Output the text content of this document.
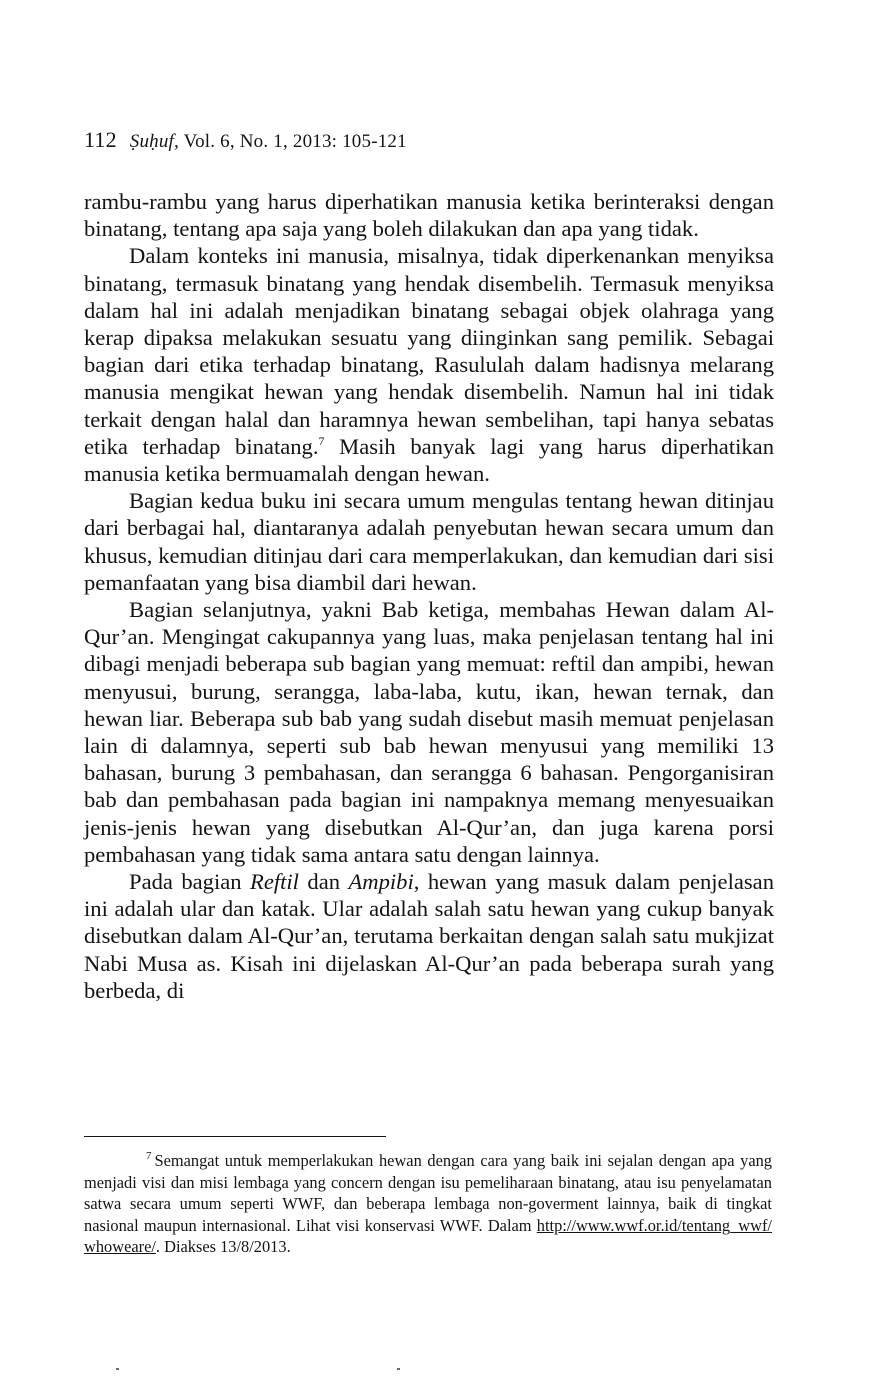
112 Ṣuḥuf, Vol. 6, No. 1, 2013: 105-121

rambu-rambu yang harus diperhatikan manusia ketika berinteraksi dengan binatang, tentang apa saja yang boleh dilakukan dan apa yang tidak.

Dalam konteks ini manusia, misalnya, tidak diperkenankan menyiksa binatang, termasuk binatang yang hendak disembelih. Termasuk menyiksa dalam hal ini adalah menjadikan binatang sebagai objek olahraga yang kerap dipaksa melakukan sesuatu yang diinginkan sang pemilik. Sebagai bagian dari etika terhadap binatang, Rasululah dalam hadisnya melarang manusia mengikat hewan yang hendak disembelih. Namun hal ini tidak terkait dengan halal dan haramnya hewan sembelihan, tapi hanya sebatas etika terhadap binatang.$^7$ Masih banyak lagi yang harus diperhatikan manusia ketika bermuamalah dengan hewan.

Bagian kedua buku ini secara umum mengulas tentang hewan ditinjau dari berbagai hal, diantaranya adalah penyebutan hewan secara umum dan khusus, kemudian ditinjau dari cara memperlakukan, dan kemudian dari sisi pemanfaatan yang bisa diambil dari hewan.

Bagian selanjutnya, yakni Bab ketiga, membahas Hewan dalam Al-Qur’an. Mengingat cakupannya yang luas, maka penjelasan tentang hal ini dibagi menjadi beberapa sub bagian yang memuat: reftil dan ampibi, hewan menyusui, burung, serangga, laba-laba, kutu, ikan, hewan ternak, dan hewan liar. Beberapa sub bab yang sudah disebut masih memuat penjelasan lain di dalamnya, seperti sub bab hewan menyusui yang memiliki 13 bahasan, burung 3 pembahasan, dan serangga 6 bahasan. Pengorganisiran bab dan pembahasan pada bagian ini nampaknya memang menyesuaikan jenis-jenis hewan yang disebutkan Al-Qur’an, dan juga karena porsi pembahasan yang tidak sama antara satu dengan lainnya.

Pada bagian Reftil dan Ampibi, hewan yang masuk dalam penjelasan ini adalah ular dan katak. Ular adalah salah satu hewan yang cukup banyak disebutkan dalam Al-Qur’an, terutama berkaitan dengan salah satu mukjizat Nabi Musa as. Kisah ini dijelaskan Al-Qur’an pada beberapa surah yang berbeda, di

$^7$ Semangat untuk memperlakukan hewan dengan cara yang baik ini sejalan dengan apa yang menjadi visi dan misi lembaga yang concern dengan isu pemeliharaan binatang, atau isu penyelamatan satwa secara umum seperti WWF, dan beberapa lembaga non-goverment lainnya, baik di tingkat nasional maupun internasional. Lihat visi konservasi WWF. Dalam http://www.wwf.or.id/tentang_wwf/ whoweare/. Diakses 13/8/2013.
